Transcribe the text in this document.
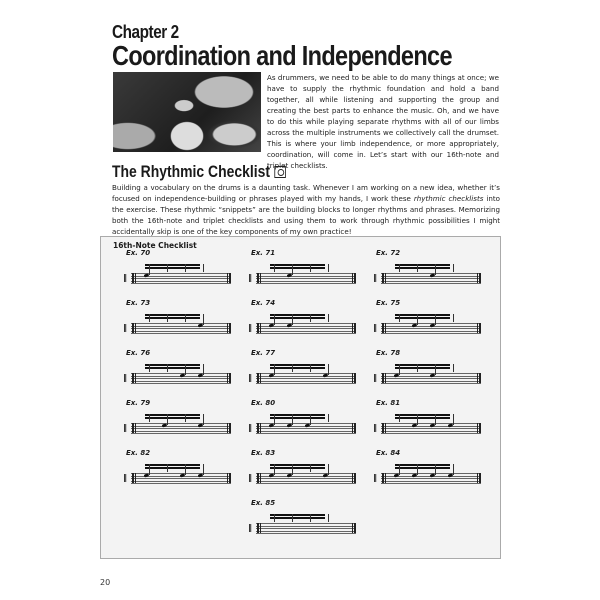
Chapter 2
Coordination and Independence
As drummers, we need to be able to do many things at once; we have to supply the rhythmic foundation and hold a band together, all while listening and supporting the group and creating the best parts to enhance the music. Oh, and we have to do this while playing separate rhythms with all of our limbs across the multiple instruments we collectively call the drumset. This is where your limb independence, or more appropriately, coordination, will come in. Let’s start with our 16th-note and triplet checklists.
The Rhythmic Checklist
Building a vocabulary on the drums is a daunting task. Whenever I am working on a new idea, whether it’s focused on independence-building or phrases played with my hands, I work these rhythmic checklists into the exercise. These rhythmic “snippets” are the building blocks to longer rhythms and phrases. Memorizing both the 16th-note and triplet checklists and using them to work through rhythmic possibilities I might accidentally skip is one of the key components of my own practice!
16th-Note Checklist
Ex. 70
‖
Ex. 71
‖
Ex. 72
‖
Ex. 73
‖
Ex. 74
‖
Ex. 75
‖
Ex. 76
‖
Ex. 77
‖
Ex. 78
‖
Ex. 79
‖
Ex. 80
‖
Ex. 81
‖
Ex. 82
‖
Ex. 83
‖
Ex. 84
‖
Ex. 85
‖
20
